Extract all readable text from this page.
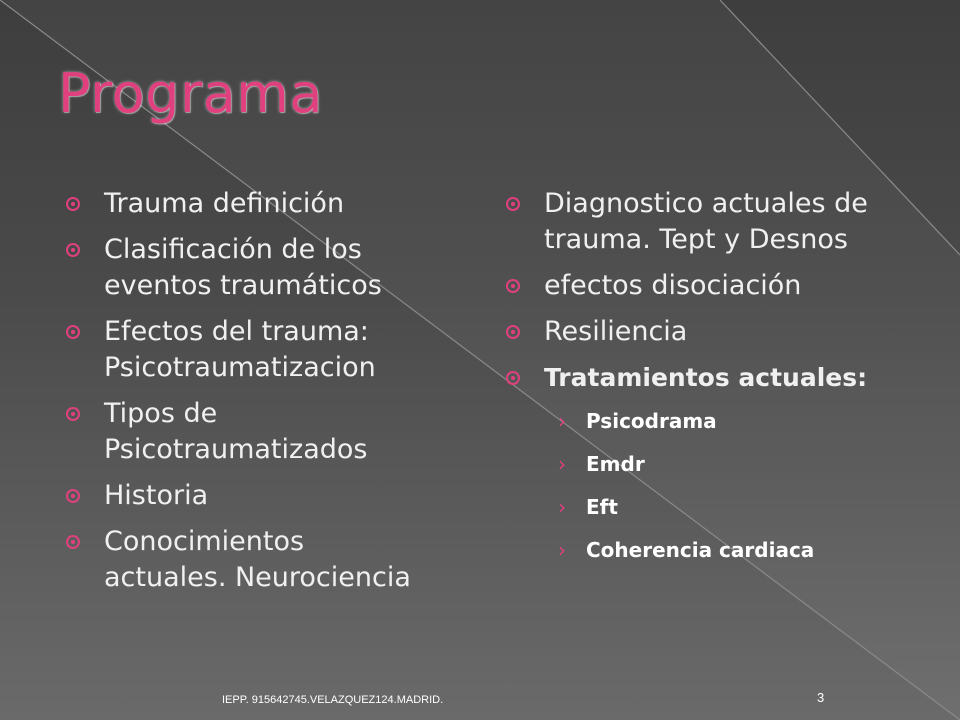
Programa
Trauma definición
Clasificación de los eventos traumáticos
Efectos del trauma: Psicotraumatizacion
Tipos de Psicotraumatizados
Historia
Conocimientos actuales. Neurociencia
Diagnostico actuales de trauma. Tept y Desnos
efectos disociación
Resiliencia
Tratamientos actuales:
› Psicodrama
› Emdr
› Eft
› Coherencia cardiaca
IEPP. 915642745.VELAZQUEZ124.MADRID.	3
